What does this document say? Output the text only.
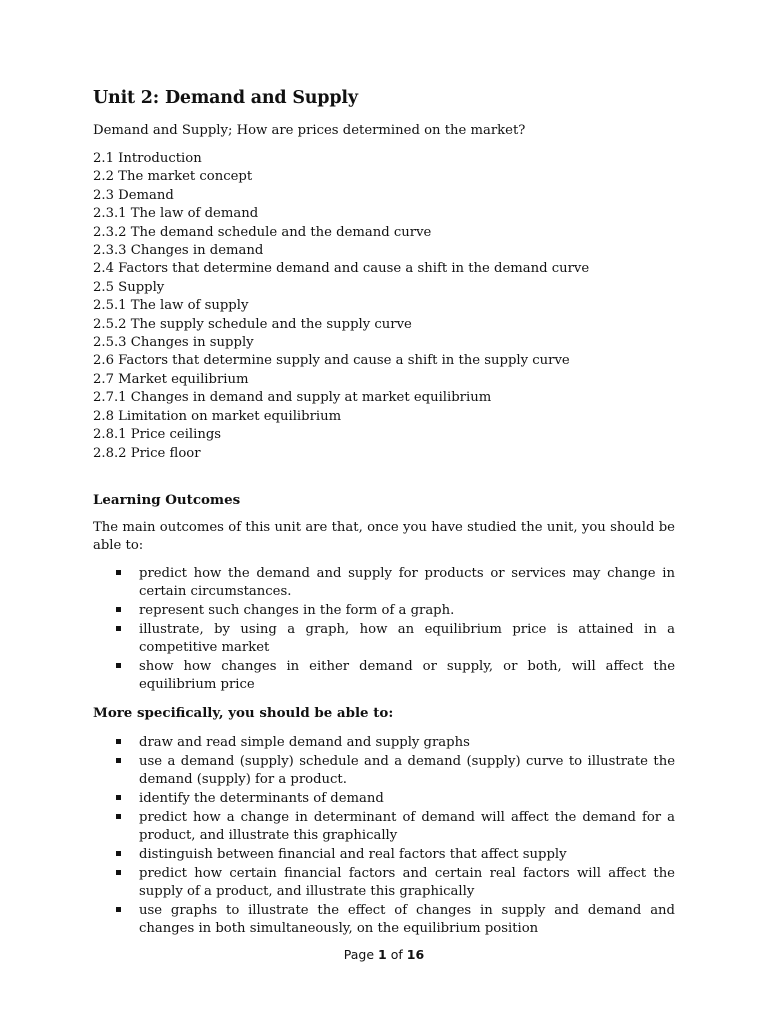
Unit 2: Demand and Supply

Demand and Supply; How are prices determined on the market?

2.1 Introduction
2.2 The market concept
2.3 Demand
2.3.1 The law of demand
2.3.2 The demand schedule and the demand curve
2.3.3 Changes in demand
2.4 Factors that determine demand and cause a shift in the demand curve
2.5 Supply
2.5.1 The law of supply
2.5.2 The supply schedule and the supply curve
2.5.3 Changes in supply
2.6 Factors that determine supply and cause a shift in the supply curve
2.7 Market equilibrium
2.7.1 Changes in demand and supply at market equilibrium
2.8 Limitation on market equilibrium
2.8.1 Price ceilings
2.8.2 Price floor
Learning Outcomes

The main outcomes of this unit are that, once you have studied the unit, you should be able to:

predict how the demand and supply for products or services may change in certain circumstances.
represent such changes in the form of a graph.
illustrate, by using a graph, how an equilibrium price is attained in a competitive market
show how changes in either demand or supply, or both, will affect the equilibrium price
More specifically, you should be able to:
draw and read simple demand and supply graphs
use a demand (supply) schedule and a demand (supply) curve to illustrate the demand (supply) for a product.
identify the determinants of demand
predict how a change in determinant of demand will affect the demand for a product, and illustrate this graphically
distinguish between financial and real factors that affect supply
predict how certain financial factors and certain real factors will affect the supply of a product, and illustrate this graphically
use graphs to illustrate the effect of changes in supply and demand and changes in both simultaneously, on the equilibrium position
Page 1 of 16
